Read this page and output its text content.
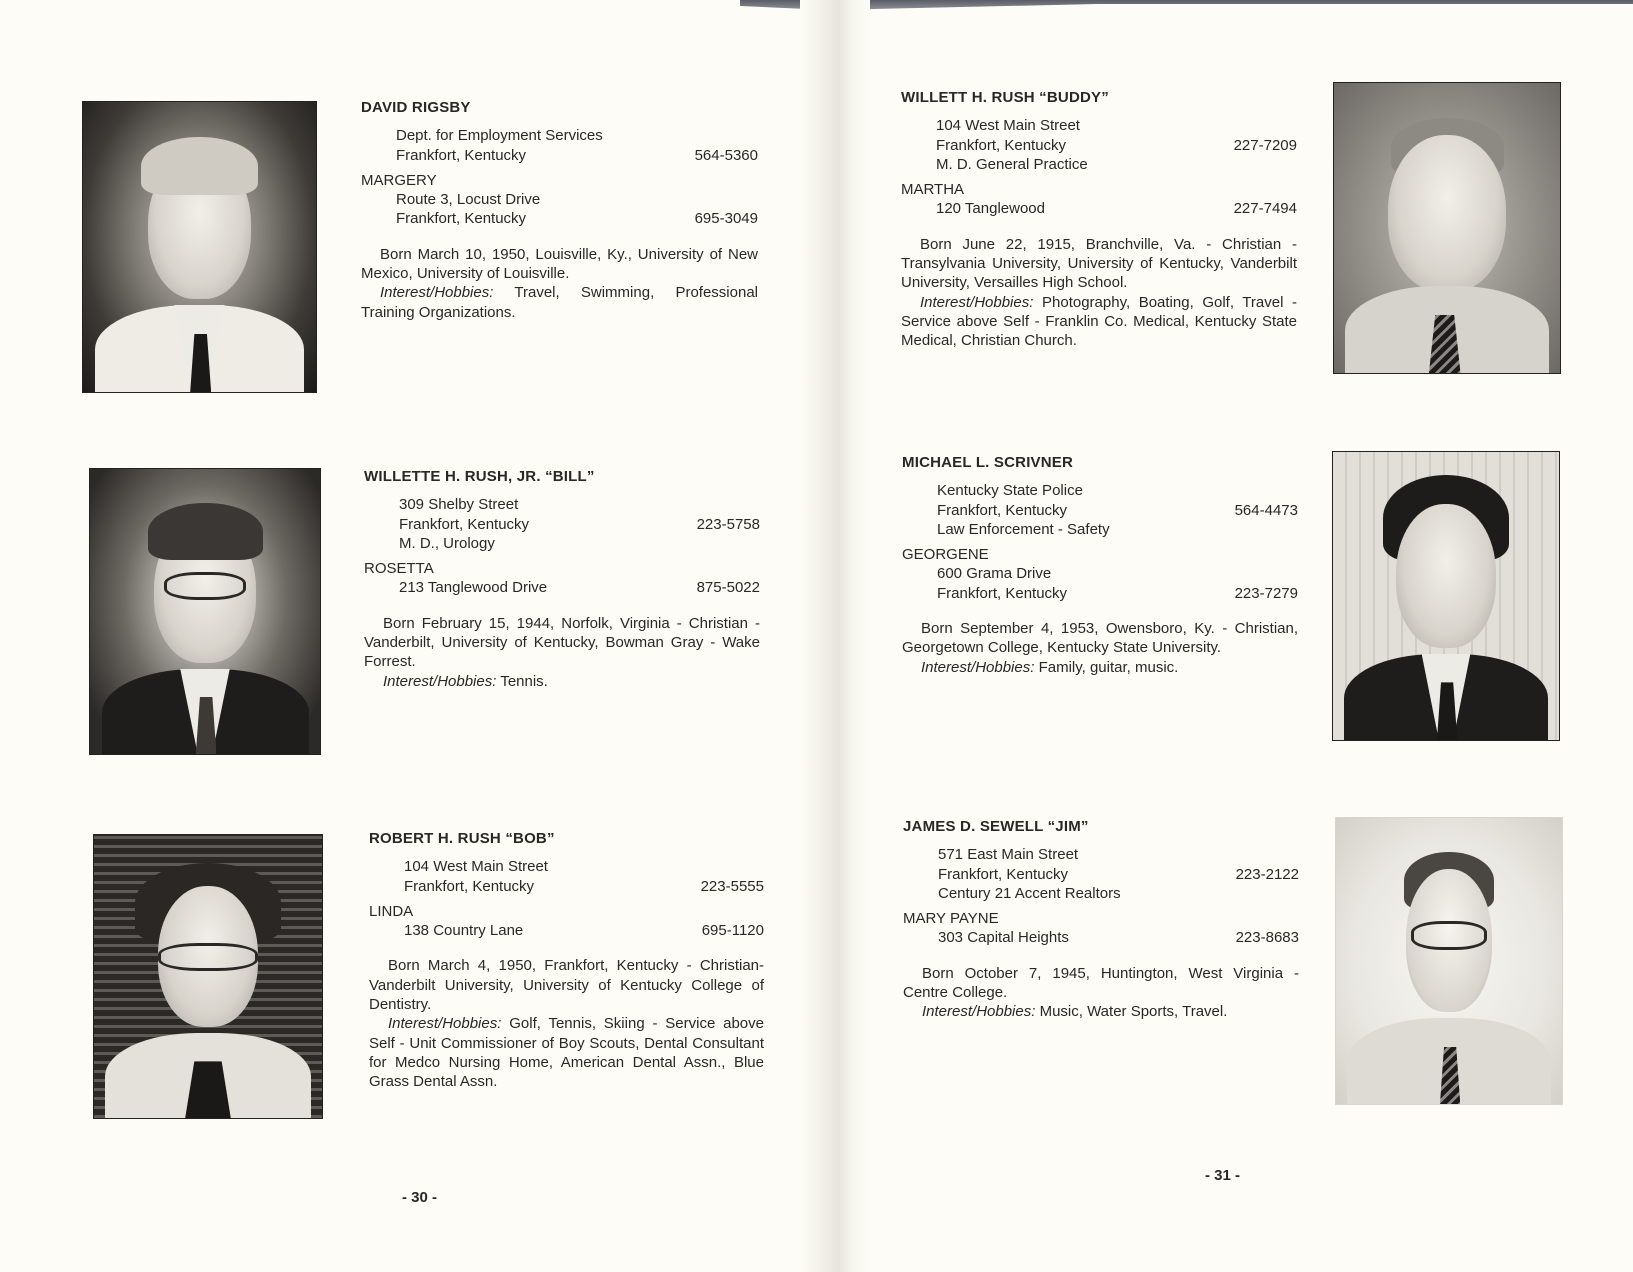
DAVID RIGSBY
Dept. for Employment Services
Frankfort, Kentucky	564-5360
MARGERY
Route 3, Locust Drive
Frankfort, Kentucky	695-3049

Born March 10, 1950, Louisville, Ky., University of New Mexico, University of Louisville.

Interest/Hobbies: Travel, Swimming, Professional Training Organizations.

WILLETTE H. RUSH, JR. “BILL”
309 Shelby Street
Frankfort, Kentucky	223-5758
M. D., Urology
ROSETTA
213 Tanglewood Drive	875-5022

Born February 15, 1944, Norfolk, Virginia - Christian - Vanderbilt, University of Kentucky, Bowman Gray - Wake Forrest.

Interest/Hobbies: Tennis.

ROBERT H. RUSH “BOB”
104 West Main Street
Frankfort, Kentucky	223-5555
LINDA
138 Country Lane	695-1120

Born March 4, 1950, Frankfort, Kentucky - Christian- Vanderbilt University, University of Kentucky College of Dentistry.

Interest/Hobbies: Golf, Tennis, Skiing - Service above Self - Unit Commissioner of Boy Scouts, Dental Consultant for Medco Nursing Home, American Dental Assn., Blue Grass Dental Assn.

- 30 -
WILLETT H. RUSH “BUDDY”
104 West Main Street
Frankfort, Kentucky	227-7209
M. D. General Practice
MARTHA
120 Tanglewood	227-7494

Born June 22, 1915, Branchville, Va. - Christian - Transylvania University, University of Kentucky, Vanderbilt University, Versailles High School.

Interest/Hobbies: Photography, Boating, Golf, Travel - Service above Self - Franklin Co. Medical, Kentucky State Medical, Christian Church.

MICHAEL L. SCRIVNER
Kentucky State Police
Frankfort, Kentucky	564-4473
Law Enforcement - Safety
GEORGENE
600 Grama Drive
Frankfort, Kentucky	223-7279

Born September 4, 1953, Owensboro, Ky. - Christian, Georgetown College, Kentucky State University.

Interest/Hobbies: Family, guitar, music.

JAMES D. SEWELL “JIM”
571 East Main Street
Frankfort, Kentucky	223-2122
Century 21 Accent Realtors
MARY PAYNE
303 Capital Heights	223-8683

Born October 7, 1945, Huntington, West Virginia - Centre College.

Interest/Hobbies: Music, Water Sports, Travel.

- 31 -
